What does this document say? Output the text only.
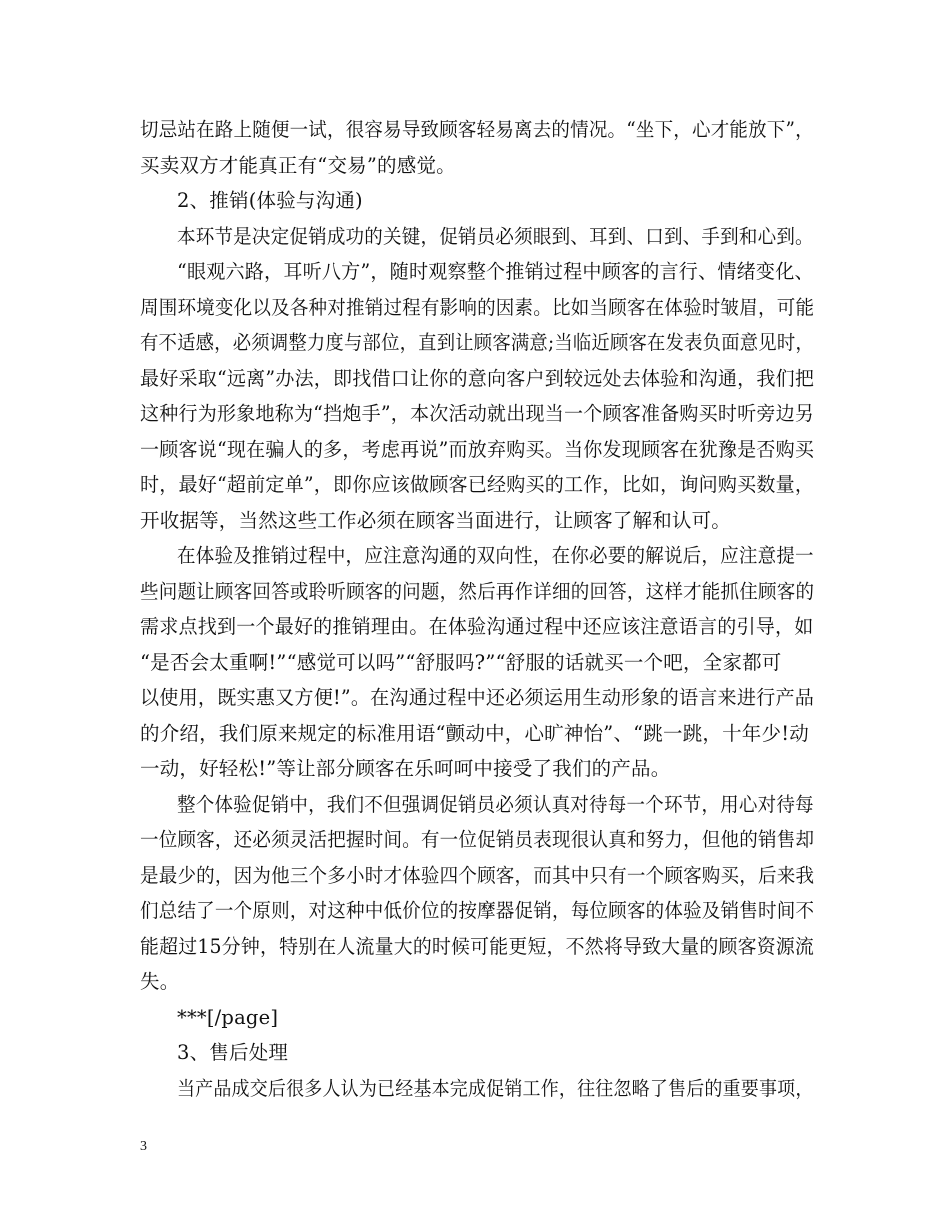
切忌站在路上随便一试，很容易导致顾客轻易离去的情况。“坐下，心才能放下”，
买卖双方才能真正有“交易”的感觉。
2、推销(体验与沟通)
本环节是决定促销成功的关键，促销员必须眼到、耳到、口到、手到和心到。
“眼观六路，耳听八方”，随时观察整个推销过程中顾客的言行、情绪变化、
周围环境变化以及各种对推销过程有影响的因素。比如当顾客在体验时皱眉，可能
有不适感，必须调整力度与部位，直到让顾客满意;当临近顾客在发表负面意见时，
最好采取“远离”办法，即找借口让你的意向客户到较远处去体验和沟通，我们把
这种行为形象地称为“挡炮手”，本次活动就出现当一个顾客准备购买时听旁边另
一顾客说“现在骗人的多，考虑再说”而放弃购买。当你发现顾客在犹豫是否购买
时，最好“超前定单”，即你应该做顾客已经购买的工作，比如，询问购买数量，
开收据等，当然这些工作必须在顾客当面进行，让顾客了解和认可。
在体验及推销过程中，应注意沟通的双向性，在你必要的解说后，应注意提一
些问题让顾客回答或聆听顾客的问题，然后再作详细的回答，这样才能抓住顾客的
需求点找到一个最好的推销理由。在体验沟通过程中还应该注意语言的引导，如
“是否会太重啊!”“感觉可以吗”“舒服吗?”“舒服的话就买一个吧，全家都可
以使用，既实惠又方便!”。在沟通过程中还必须运用生动形象的语言来进行产品
的介绍，我们原来规定的标准用语“颤动中，心旷神怡”、“跳一跳，十年少!动
一动，好轻松!”等让部分顾客在乐呵呵中接受了我们的产品。
整个体验促销中，我们不但强调促销员必须认真对待每一个环节，用心对待每
一位顾客，还必须灵活把握时间。有一位促销员表现很认真和努力，但他的销售却
是最少的，因为他三个多小时才体验四个顾客，而其中只有一个顾客购买，后来我
们总结了一个原则，对这种中低价位的按摩器促销，每位顾客的体验及销售时间不
能超过15分钟，特别在人流量大的时候可能更短，不然将导致大量的顾客资源流
失。
***[/page]
3、售后处理
当产品成交后很多人认为已经基本完成促销工作，往往忽略了售后的重要事项，
3
